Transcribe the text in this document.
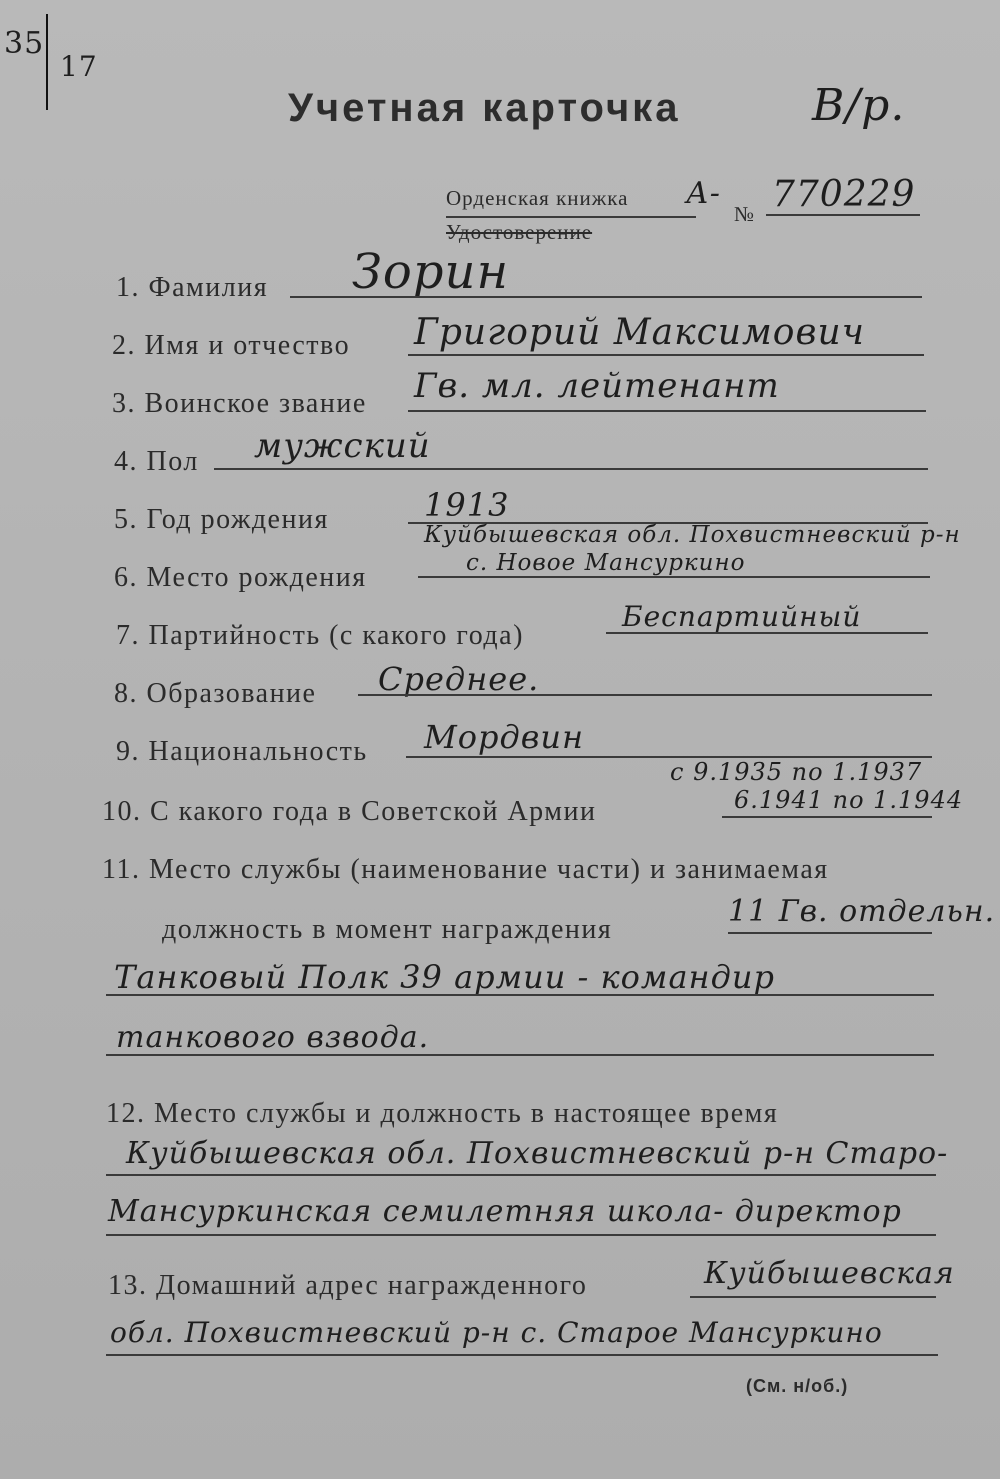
35
17
Учетная карточка	В/р.
Орденская книжка А-
Удостоверение
№ 770229
1. Фамилия Зорин
2. Имя и отчество Григорий Максимович
3. Воинское звание Гв. мл. лейтенант
4. Пол мужский
5. Год рождения	1913
Куйбышевская обл. Похвистневский р-н
6. Место рождения	с. Новое Мансуркино
7. Партийность (с какого года)
Беспартийный
8. Образование Среднее.
9. Национальность Мордвин
с 9.1935 по 1.1937
10. С какого года в Советской Армии	6.1941 по 1.1944
11. Место службы (наименование части) и занимаемая
должность в момент награждения
11 Гв. отдельн.
Танковый Полк 39 армии - командир
танкового взвода.
12. Место службы и должность в настоящее время
Куйбышевская обл. Похвистневский р-н Старо-
Мансуркинская семилетняя школа- директор
13. Домашний адрес награжденного	Куйбышевская
обл. Похвистневский р-н с. Старое Мансуркино
(См. н/об.)
